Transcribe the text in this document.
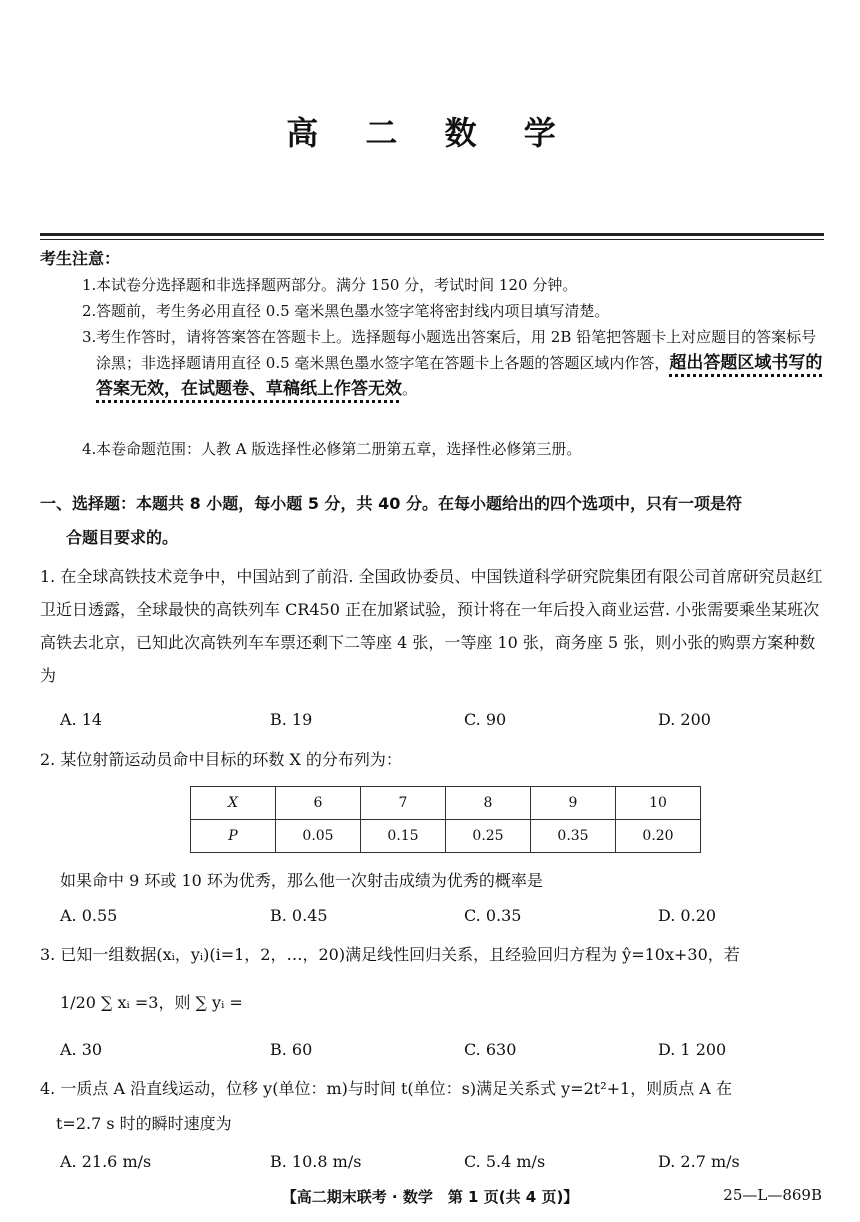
高 二 数 学
考生注意：
1. 本试卷分选择题和非选择题两部分。满分 150 分，考试时间 120 分钟。
2. 答题前，考生务必用直径 0.5 毫米黑色墨水签字笔将密封线内项目填写清楚。
3. 考生作答时，请将答案答在答题卡上。选择题每小题选出答案后，用 2B 铅笔把答题卡上对应题目的答案标号涂黑；非选择题请用直径 0.5 毫米黑色墨水签字笔在答题卡上各题的答题区域内作答，超出答题区域书写的答案无效，在试题卷、草稿纸上作答无效。
4. 本卷命题范围：人教 A 版选择性必修第二册第五章，选择性必修第三册。
一、选择题：本题共 8 小题，每小题 5 分，共 40 分。在每小题给出的四个选项中，只有一项是符
合题目要求的。
1. 在全球高铁技术竞争中，中国站到了前沿. 全国政协委员、中国铁道科学研究院集团有限公司首席研究员赵红卫近日透露，全球最快的高铁列车 CR450 正在加紧试验，预计将在一年后投入商业运营. 小张需要乘坐某班次高铁去北京，已知此次高铁列车车票还剩下二等座 4 张，一等座 10 张，商务座 5 张，则小张的购票方案种数为
A. 14	B. 19	C. 90	D. 200
2. 某位射箭运动员命中目标的环数 X 的分布列为：
X	6	7	8	9	10
P	0.05	0.15	0.25	0.35	0.20
如果命中 9 环或 10 环为优秀，那么他一次射击成绩为优秀的概率是
A. 0.55	B. 0.45	C. 0.35	D. 0.20
3. 已知一组数据(xᵢ，yᵢ)(i=1，2，…，20)满足线性回归关系，且经验回归方程为 ŷ=10x+30，若
1/20 ∑ xᵢ =3，则 ∑ yᵢ =
A. 30	B. 60	C. 630	D. 1 200
4. 一质点 A 沿直线运动，位移 y(单位：m)与时间 t(单位：s)满足关系式 y=2t²+1，则质点 A 在
t=2.7 s 时的瞬时速度为
A. 21.6 m/s	B. 10.8 m/s	C. 5.4 m/s	D. 2.7 m/s
【高二期末联考 · 数学　第 1 页(共 4 页)】	25—L—869B
